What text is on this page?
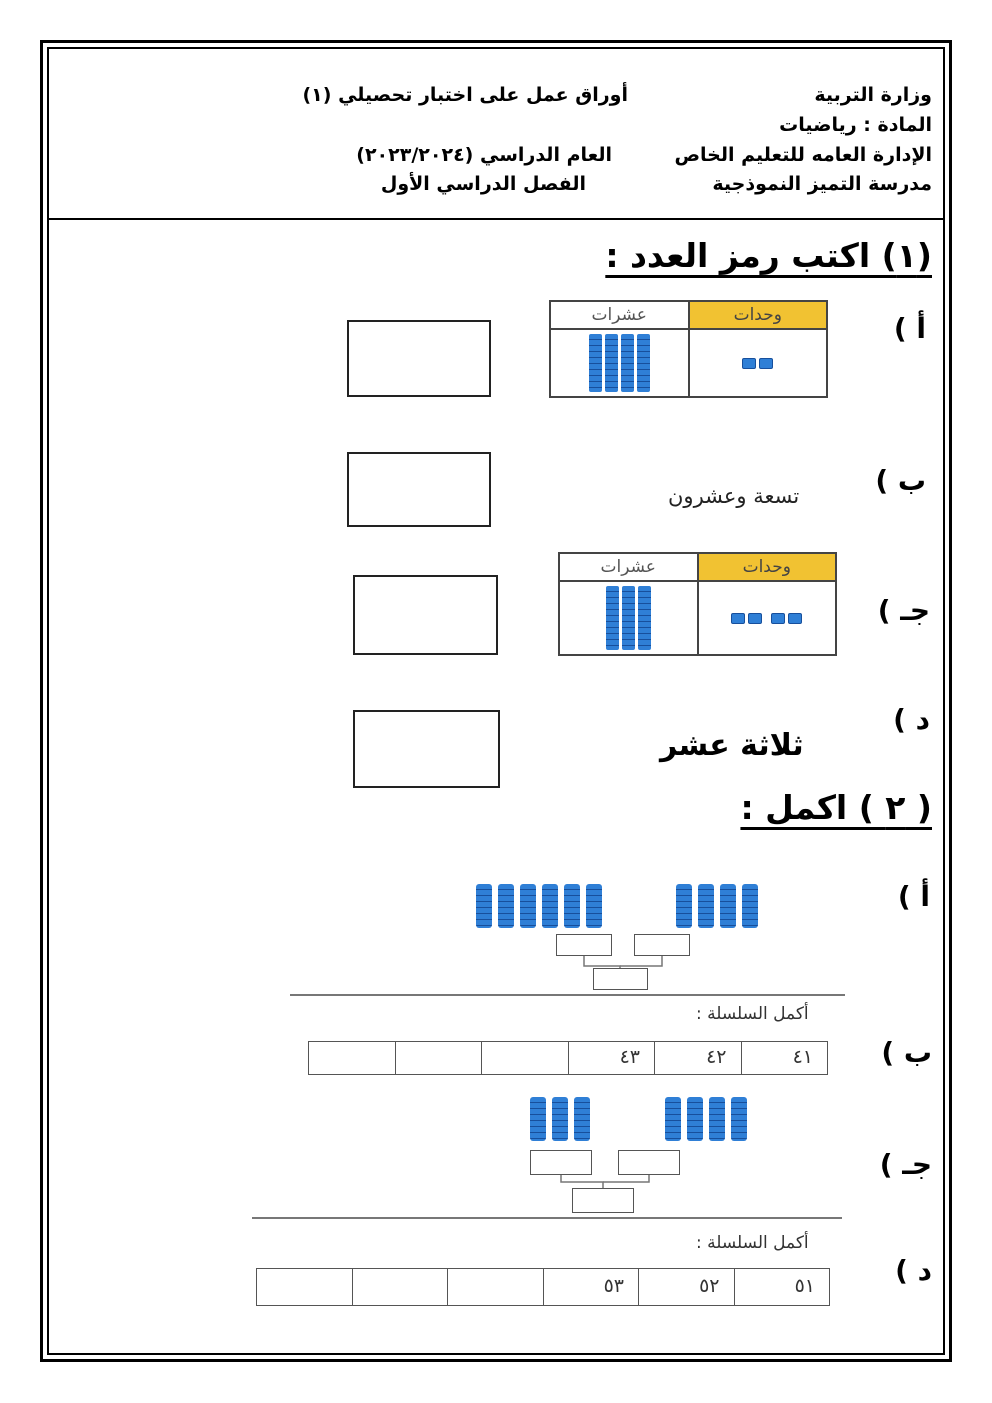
وزارة التربية
المادة : رياضيات
الإدارة العامه للتعليم الخاص
مدرسة التميز النموذجية
أوراق عمل على اختبار تحصيلي (١)
العام الدراسي (٢٠٢٣/٢٠٢٤)
الفصل الدراسي الأول
(١) اكتب رمز العدد :
أ )
وحدات
عشرات
ب )
تسعة وعشرون
جـ )
وحدات
عشرات
د )
ثلاثة عشر
( ٢ ) اكمل :
أ )
أكمل السلسلة :
ب )
٤١
٤٢
٤٣
جـ )
أكمل السلسلة :
د )
٥١
٥٢
٥٣
